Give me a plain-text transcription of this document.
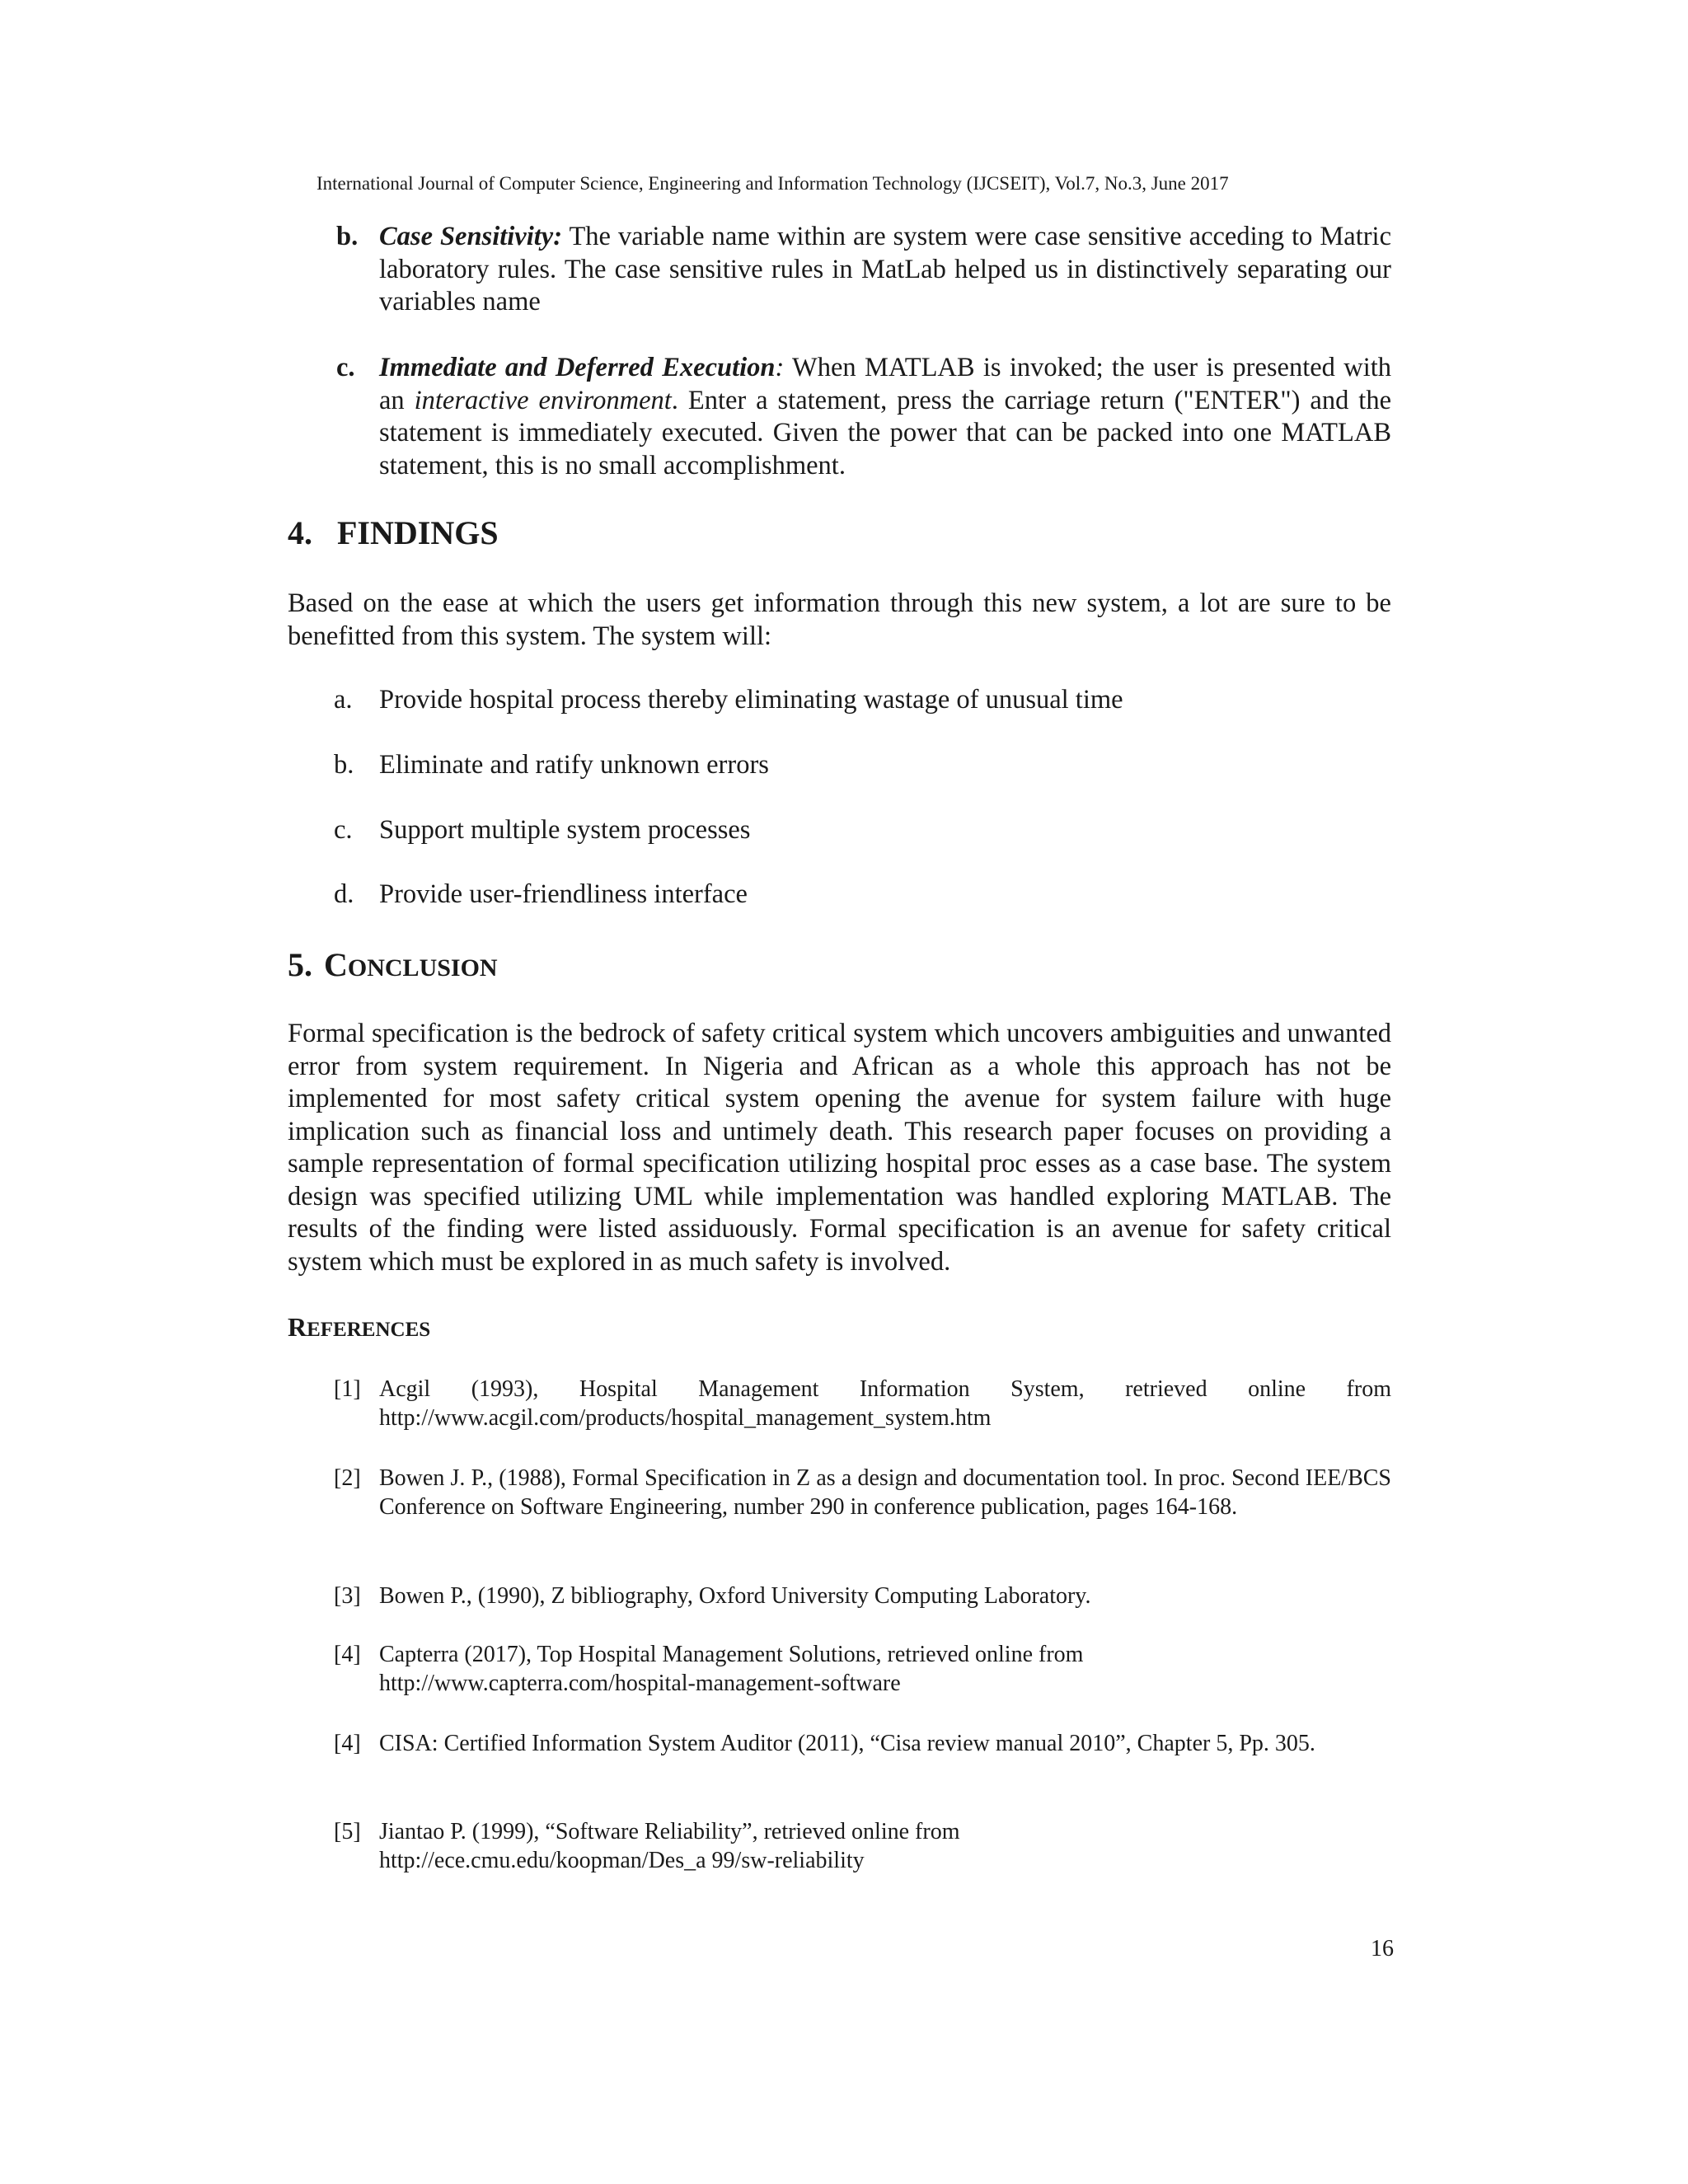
International Journal of Computer Science, Engineering and Information Technology (IJCSEIT), Vol.7, No.3, June 2017
b. Case Sensitivity: The variable name within are system were case sensitive acceding to Matric laboratory rules. The case sensitive rules in MatLab helped us in distinctively separating our variables name

c. Immediate and Deferred Execution: When MATLAB is invoked; the user is presented with an interactive environment. Enter a statement, press the carriage return ("ENTER") and the statement is immediately executed. Given the power that can be packed into one MATLAB statement, this is no small accomplishment.

4. FINDINGS

Based on the ease at which the users get information through this new system, a lot are sure to be benefitted from this system. The system will:

a. Provide hospital process thereby eliminating wastage of unusual time
b. Eliminate and ratify unknown errors
c. Support multiple system processes
d. Provide user-friendliness interface
5. CONCLUSION

Formal specification is the bedrock of safety critical system which uncovers ambiguities and unwanted error from system requirement. In Nigeria and African as a whole this approach has not be implemented for most safety critical system opening the avenue for system failure with huge implication such as financial loss and untimely death. This research paper focuses on providing a sample representation of formal specification utilizing hospital proc esses as a case base. The system design was specified utilizing UML while implementation was handled exploring MATLAB. The results of the finding were listed assiduously. Formal specification is an avenue for safety critical system which must be explored in as much safety is involved.

REFERENCES
[1] Acgil (1993), Hospital Management Information System, retrieved online from
http://www.acgil.com/products/hospital_management_system.htm
[2] Bowen J. P., (1988), Formal Specification in Z as a design and documentation tool. In proc. Second IEE/BCS Conference on Software Engineering, number 290 in conference publication, pages 164-168.
[3] Bowen P., (1990), Z bibliography, Oxford University Computing Laboratory.
[4] Capterra (2017), Top Hospital Management Solutions, retrieved online from
http://www.capterra.com/hospital-management-software
[4] CISA: Certified Information System Auditor (2011), “Cisa review manual 2010”, Chapter 5, Pp. 305.
[5] Jiantao P. (1999), “Software Reliability”, retrieved online from
http://ece.cmu.edu/koopman/Des_a 99/sw-reliability
16
